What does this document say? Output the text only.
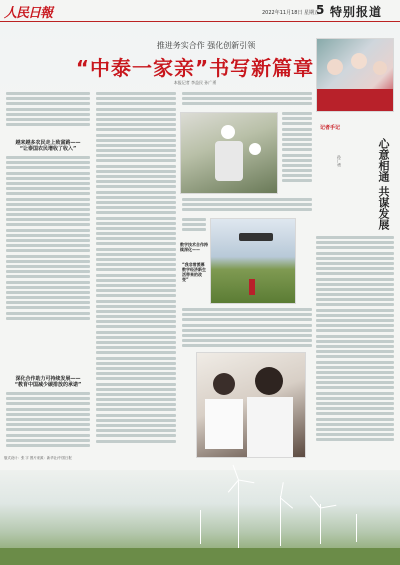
人民日報	2022年11月18日 星期五
5 特别报道
推进务实合作 强化创新引领
“中泰一家亲”书写新篇章
本报记者 李益民 孙广勇
越来越多农民走上致富路——
“让泰国农民增收了收入”
深化合作助力可持续发展——
“教育中国减少碳排放的承诺”
数字技术合作持续深化——
“我非常羡慕数字经济新生活带来的改变”
记者手记
心意相通 共谋发展
孙广勇
版式设计：张 宇 图片来源：新华社/中国日报
